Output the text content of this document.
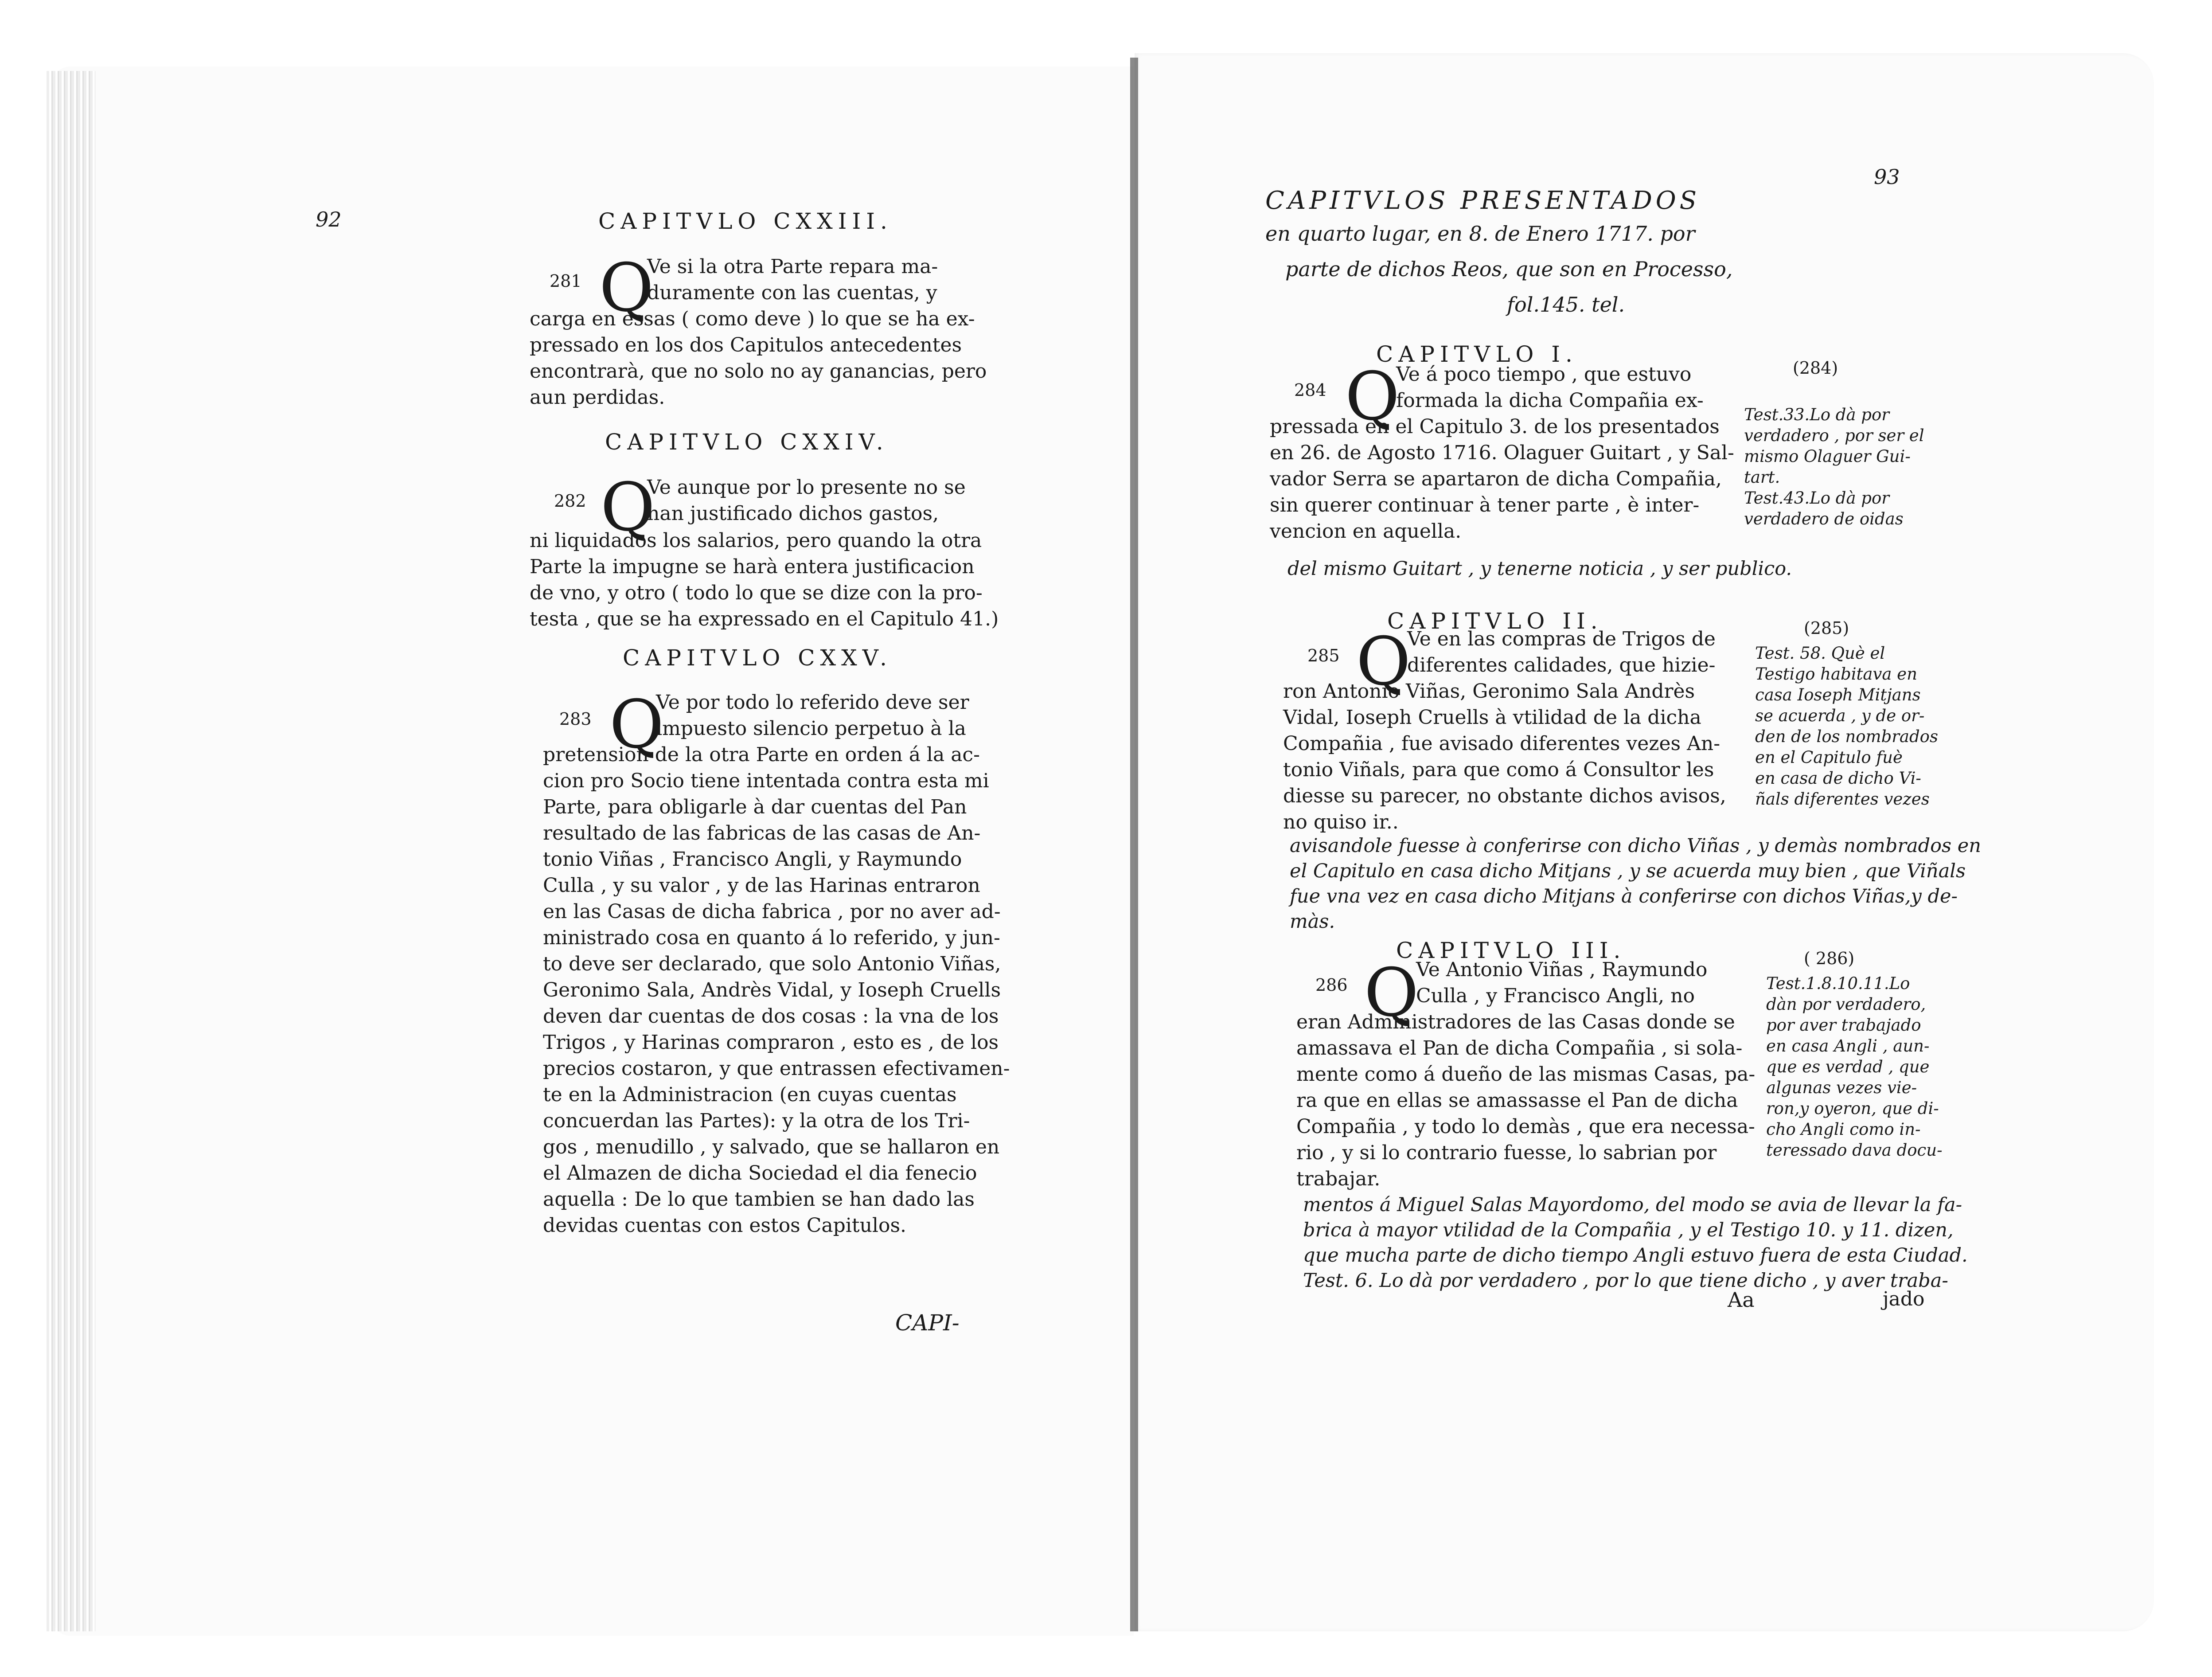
92	CAPITVLO CXXIII.
281 Q
Ve si la otra Parte repara ma-
duramente con las cuentas, y
carga en essas ( como deve ) lo que se ha ex-
pressado en los dos Capitulos antecedentes
encontrarà, que no solo no ay ganancias, pero
aun perdidas.
CAPITVLO CXXIV.
282 Q
Ve aunque por lo presente no se
han justificado dichos gastos,
ni liquidados los salarios, pero quando la otra
Parte la impugne se harà entera justificacion
de vno, y otro ( todo lo que se dize con la pro-
testa , que se ha expressado en el Capitulo 41.)
CAPITVLO CXXV.
283 Q
Ve por todo lo referido deve ser
impuesto silencio perpetuo à la
pretension de la otra Parte en orden á la ac-
cion pro Socio tiene intentada contra esta mi
Parte, para obligarle à dar cuentas del Pan
resultado de las fabricas de las casas de An-
tonio Viñas , Francisco Angli, y Raymundo
Culla , y su valor , y de las Harinas entraron
en las Casas de dicha fabrica , por no aver ad-
ministrado cosa en quanto á lo referido, y jun-
to deve ser declarado, que solo Antonio Viñas,
Geronimo Sala, Andrès Vidal, y Ioseph Cruells
deven dar cuentas de dos cosas : la vna de los
Trigos , y Harinas compraron , esto es , de los
precios costaron, y que entrassen efectivamen-
te en la Administracion (en cuyas cuentas
concuerdan las Partes): y la otra de los Tri-
gos , menudillo , y salvado, que se hallaron en
el Almazen de dicha Sociedad el dia fenecio
aquella : De lo que tambien se han dado las
devidas cuentas con estos Capitulos.
CAPI-
93
CAPITVLOS PRESENTADOS
en quarto lugar, en 8. de Enero 1717. por
parte de dichos Reos, que son en Processo,
fol.145. tel.
CAPITVLO I.
284 Q
Ve á poco tiempo , que estuvo
formada la dicha Compañia ex-
pressada en el Capitulo 3. de los presentados
en 26. de Agosto 1716. Olaguer Guitart , y Sal-
vador Serra se apartaron de dicha Compañia,
sin querer continuar à tener parte , è inter-
vencion en aquella.
(284)
Test.33.Lo dà por
verdadero , por ser el
mismo Olaguer Gui-
tart.
Test.43.Lo dà por
verdadero de oidas
del mismo Guitart , y tenerne noticia , y ser publico.
CAPITVLO II.
285 Q
Ve en las compras de Trigos de
diferentes calidades, que hizie-
ron Antonio Viñas, Geronimo Sala Andrès
Vidal, Ioseph Cruells à vtilidad de la dicha
Compañia , fue avisado diferentes vezes An-
tonio Viñals, para que como á Consultor les
diesse su parecer, no obstante dichos avisos,
no quiso ir..
(285)
Test. 58. Què el
Testigo habitava en
casa Ioseph Mitjans
se acuerda , y de or-
den de los nombrados
en el Capitulo fuè
en casa de dicho Vi-
ñals diferentes vezes
avisandole fuesse à conferirse con dicho Viñas , y demàs nombrados en
el Capitulo en casa dicho Mitjans , y se acuerda muy bien , que Viñals
fue vna vez en casa dicho Mitjans à conferirse con dichos Viñas,y de-
màs.
CAPITVLO III.
286 Q
Ve Antonio Viñas , Raymundo
Culla , y Francisco Angli, no
eran Administradores de las Casas donde se
amassava el Pan de dicha Compañia , si sola-
mente como á dueño de las mismas Casas, pa-
ra que en ellas se amassasse el Pan de dicha
Compañia , y todo lo demàs , que era necessa-
rio , y si lo contrario fuesse, lo sabrian por
trabajar.
( 286)
Test.1.8.10.11.Lo
dàn por verdadero,
por aver trabajado
en casa Angli , aun-
que es verdad , que
algunas vezes vie-
ron,y oyeron, que di-
cho Angli como in-
teressado dava docu-
mentos á Miguel Salas Mayordomo, del modo se avia de llevar la fa-
brica à mayor vtilidad de la Compañia , y el Testigo 10. y 11. dizen,
que mucha parte de dicho tiempo Angli estuvo fuera de esta Ciudad.
Test. 6. Lo dà por verdadero , por lo que tiene dicho , y aver traba-
Aa	jado
